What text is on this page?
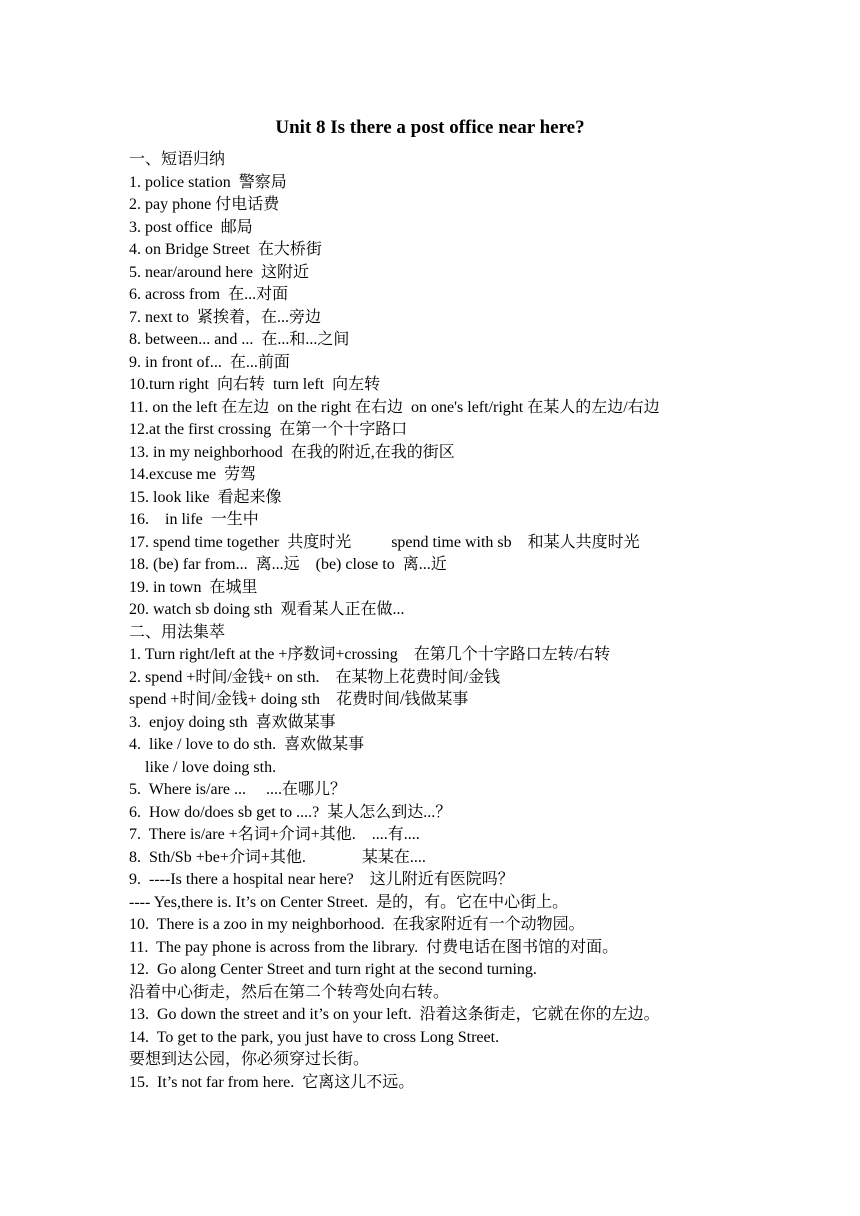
Unit 8 Is there a post office near here?
一、短语归纳
1. police station  警察局
2. pay phone 付电话费
3. post office  邮局
4. on Bridge Street  在大桥街
5. near/around here  这附近
6. across from  在...对面
7. next to  紧挨着，在...旁边
8. between... and ...  在...和...之间
9. in front of...  在...前面
10.turn right  向右转  turn left  向左转
11. on the left 在左边  on the right 在右边  on one's left/right 在某人的左边/右边
12.at the first crossing  在第一个十字路口
13. in my neighborhood  在我的附近,在我的街区
14.excuse me  劳驾
15. look like  看起来像
16.    in life  一生中
17. spend time together  共度时光          spend time with sb    和某人共度时光
18. (be) far from...  离...远    (be) close to  离...近
19. in town  在城里
20. watch sb doing sth  观看某人正在做...
二、用法集萃
1. Turn right/left at the +序数词+crossing    在第几个十字路口左转/右转
2. spend +时间/金钱+ on sth.    在某物上花费时间/金钱
spend +时间/金钱+ doing sth    花费时间/钱做某事
3.  enjoy doing sth  喜欢做某事
4.  like / love to do sth.  喜欢做某事
like / love doing sth.
5.  Where is/are ...     ....在哪儿？
6.  How do/does sb get to ....?  某人怎么到达...？
7.  There is/are +名词+介词+其他.    ....有....
8.  Sth/Sb +be+介词+其他.              某某在....
9.  ----Is there a hospital near here?    这儿附近有医院吗？
---- Yes,there is. It’s on Center Street.  是的，有。它在中心街上。
10.  There is a zoo in my neighborhood.  在我家附近有一个动物园。
11.  The pay phone is across from the library.  付费电话在图书馆的对面。
12.  Go along Center Street and turn right at the second turning.
沿着中心街走，然后在第二个转弯处向右转。
13.  Go down the street and it’s on your left.  沿着这条街走，它就在你的左边。
14.  To get to the park, you just have to cross Long Street.
要想到达公园，你必须穿过长街。
15.  It’s not far from here.  它离这儿不远。
